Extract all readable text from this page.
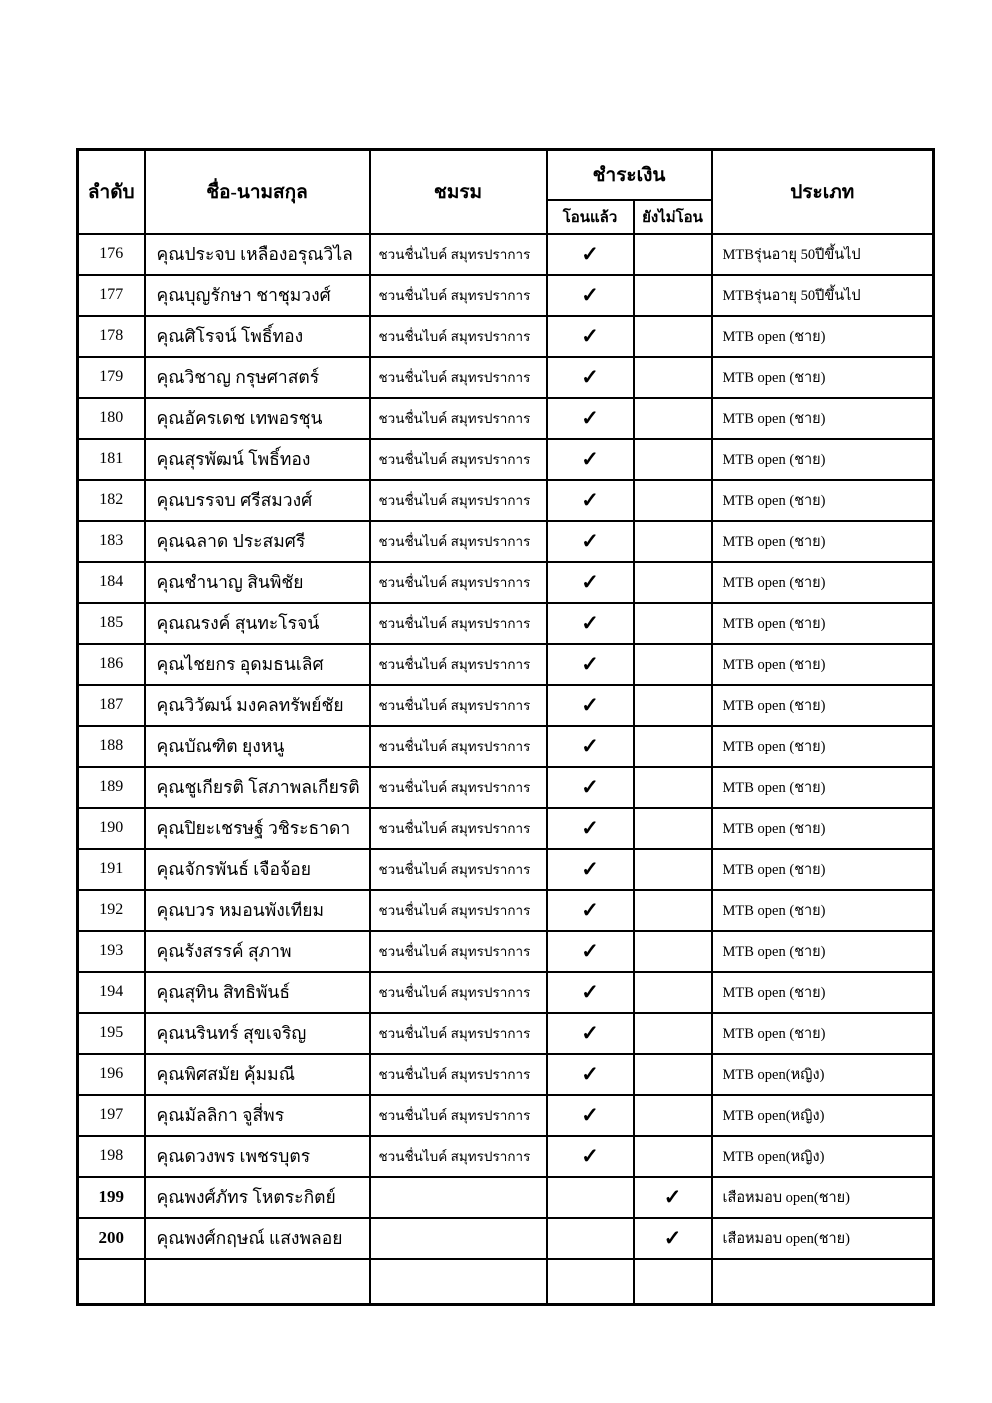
ลำดับ	ชื่อ-นามสกุล	ชมรม	ชำระเงิน		ประเภท
			โอนแล้ว	ยังไม่โอน	
176	คุณประจบ เหลืองอรุณวิไล	ชวนชื่นไบค์ สมุทรปราการ	✓		MTBรุ่นอายุ 50ปีขึ้นไป
177	คุณบุญรักษา ชาชุมวงศ์	ชวนชื่นไบค์ สมุทรปราการ	✓		MTBรุ่นอายุ 50ปีขึ้นไป
178	คุณศิโรจน์ โพธิ์ทอง	ชวนชื่นไบค์ สมุทรปราการ	✓		MTB open (ชาย)
179	คุณวิชาญ กรุษศาสตร์	ชวนชื่นไบค์ สมุทรปราการ	✓		MTB open (ชาย)
180	คุณอัครเดช เทพอรชุน	ชวนชื่นไบค์ สมุทรปราการ	✓		MTB open (ชาย)
181	คุณสุรพัฒน์ โพธิ์ทอง	ชวนชื่นไบค์ สมุทรปราการ	✓		MTB open (ชาย)
182	คุณบรรจบ ศรีสมวงศ์	ชวนชื่นไบค์ สมุทรปราการ	✓		MTB open (ชาย)
183	คุณฉลาด ประสมศรี	ชวนชื่นไบค์ สมุทรปราการ	✓		MTB open (ชาย)
184	คุณชำนาญ สินพิชัย	ชวนชื่นไบค์ สมุทรปราการ	✓		MTB open (ชาย)
185	คุณณรงค์ สุนทะโรจน์	ชวนชื่นไบค์ สมุทรปราการ	✓		MTB open (ชาย)
186	คุณไชยกร อุดมธนเลิศ	ชวนชื่นไบค์ สมุทรปราการ	✓		MTB open (ชาย)
187	คุณวิวัฒน์ มงคลทรัพย์ชัย	ชวนชื่นไบค์ สมุทรปราการ	✓		MTB open (ชาย)
188	คุณบัณฑิต ยุงหนู	ชวนชื่นไบค์ สมุทรปราการ	✓		MTB open (ชาย)
189	คุณชูเกียรติ โสภาพลเกียรติ	ชวนชื่นไบค์ สมุทรปราการ	✓		MTB open (ชาย)
190	คุณปิยะเชรษฐ์ วชิระธาดา	ชวนชื่นไบค์ สมุทรปราการ	✓		MTB open (ชาย)
191	คุณจักรพันธ์ เจือจ้อย	ชวนชื่นไบค์ สมุทรปราการ	✓		MTB open (ชาย)
192	คุณบวร หมอนพังเทียม	ชวนชื่นไบค์ สมุทรปราการ	✓		MTB open (ชาย)
193	คุณรังสรรค์ สุภาพ	ชวนชื่นไบค์ สมุทรปราการ	✓		MTB open (ชาย)
194	คุณสุทิน สิทธิพันธ์	ชวนชื่นไบค์ สมุทรปราการ	✓		MTB open (ชาย)
195	คุณนรินทร์ สุขเจริญ	ชวนชื่นไบค์ สมุทรปราการ	✓		MTB open (ชาย)
196	คุณพิศสมัย คุ้มมณี	ชวนชื่นไบค์ สมุทรปราการ	✓		MTB open(หญิง)
197	คุณมัลลิกา จูสี่พร	ชวนชื่นไบค์ สมุทรปราการ	✓		MTB open(หญิง)
198	คุณดวงพร เพชรบุตร	ชวนชื่นไบค์ สมุทรปราการ	✓		MTB open(หญิง)
199	คุณพงศ์ภัทร โหตระกิตย์			✓	เสือหมอบ open(ชาย)
200	คุณพงศ์กฤษณ์ แสงพลอย			✓	เสือหมอบ open(ชาย)
